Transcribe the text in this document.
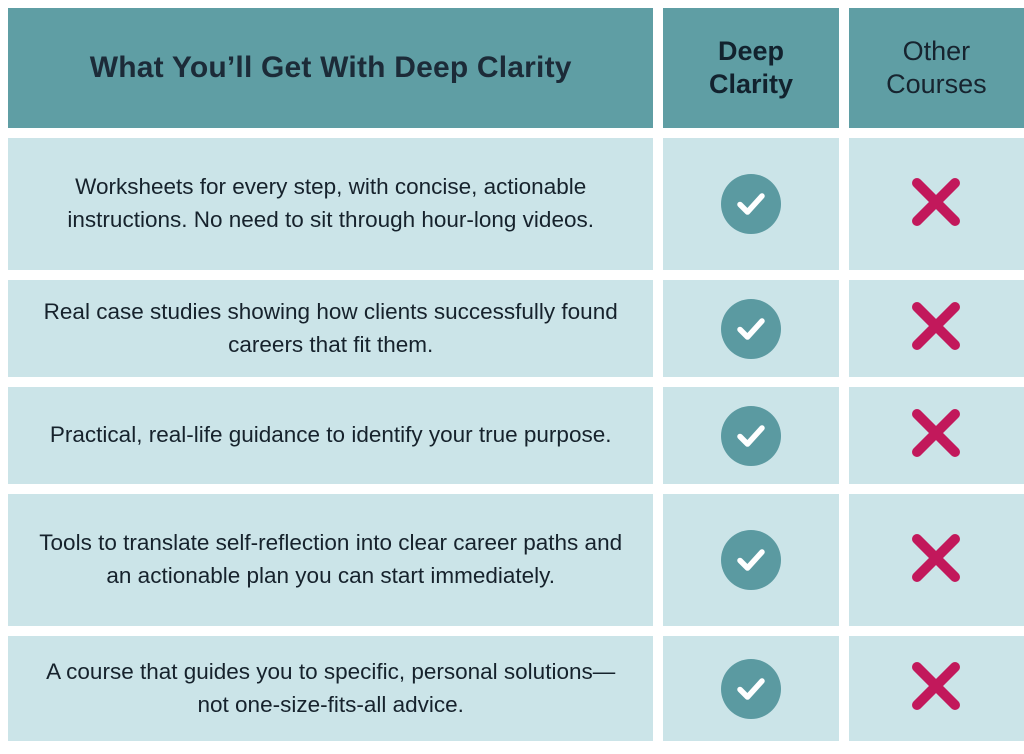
What You’ll Get With Deep Clarity	Deep
Clarity
Other
Courses
Worksheets for every step, with concise, actionable instructions. No need to sit through hour-long videos.
Real case studies showing how clients successfully found careers that fit them.
Practical, real-life guidance to identify your true purpose.
Tools to translate self-reflection into clear career paths and an actionable plan you can start immediately.
A course that guides you to specific, personal solutions—not one-size-fits-all advice.
